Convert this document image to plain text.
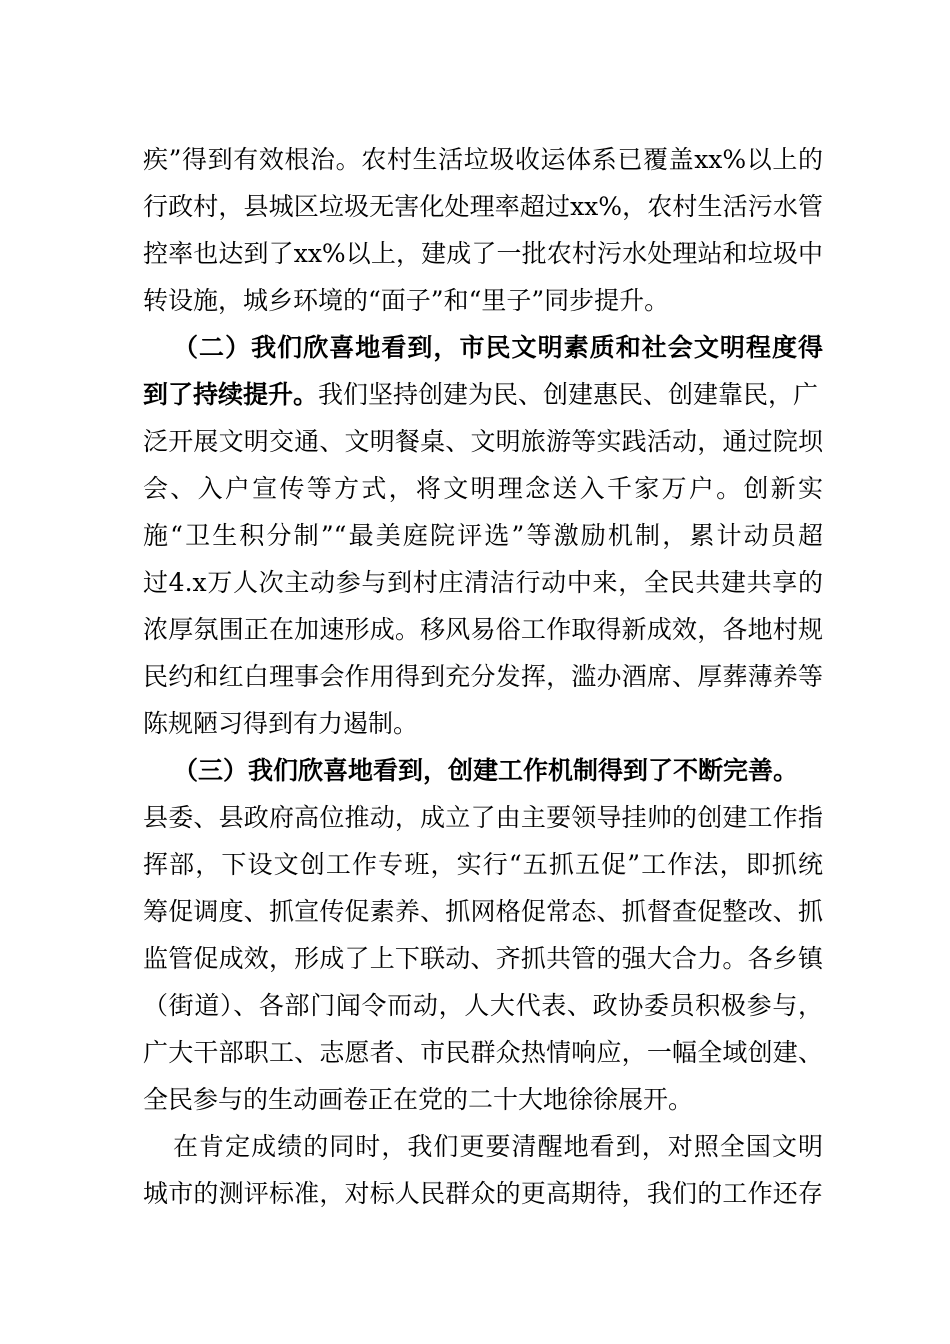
疾”得到有效根治。农村生活垃圾收运体系已覆盖xx%以上的
行政村，县城区垃圾无害化处理率超过xx%，农村生活污水管
控率也达到了xx%以上，建成了一批农村污水处理站和垃圾中
转设施，城乡环境的“面子”和“里子”同步提升。
（二）我们欣喜地看到，市民文明素质和社会文明程度得
到了持续提升。我们坚持创建为民、创建惠民、创建靠民，广
泛开展文明交通、文明餐桌、文明旅游等实践活动，通过院坝
会、入户宣传等方式，将文明理念送入千家万户。创新实
施“卫生积分制”“最美庭院评选”等激励机制，累计动员超
过4.x万人次主动参与到村庄清洁行动中来，全民共建共享的
浓厚氛围正在加速形成。移风易俗工作取得新成效，各地村规
民约和红白理事会作用得到充分发挥，滥办酒席、厚葬薄养等
陈规陋习得到有力遏制。
（三）我们欣喜地看到，创建工作机制得到了不断完善。
县委、县政府高位推动，成立了由主要领导挂帅的创建工作指
挥部，下设文创工作专班，实行“五抓五促”工作法，即抓统
筹促调度、抓宣传促素养、抓网格促常态、抓督查促整改、抓
监管促成效，形成了上下联动、齐抓共管的强大合力。各乡镇
（街道）、各部门闻令而动，人大代表、政协委员积极参与，
广大干部职工、志愿者、市民群众热情响应，一幅全域创建、
全民参与的生动画卷正在党的二十大地徐徐展开。
在肯定成绩的同时，我们更要清醒地看到，对照全国文明
城市的测评标准，对标人民群众的更高期待，我们的工作还存
